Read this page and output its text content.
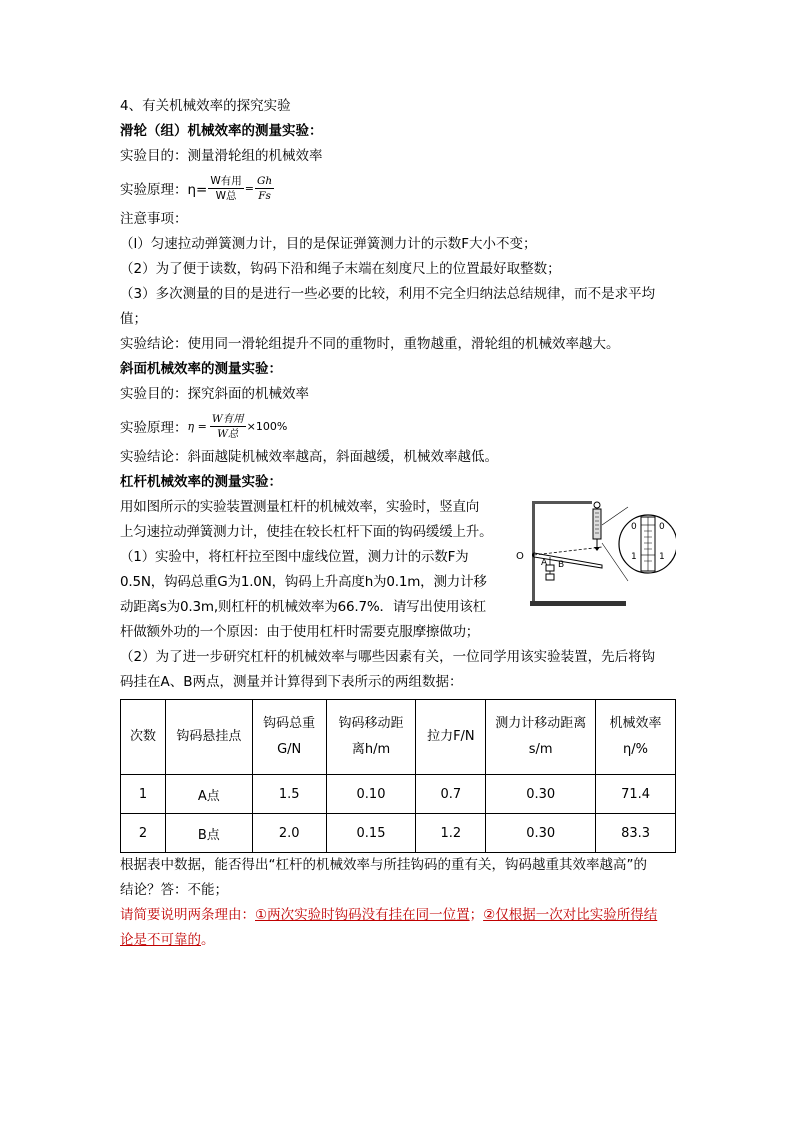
4、有关机械效率的探究实验
滑轮（组）机械效率的测量实验：
实验目的：测量滑轮组的机械效率
实验原理：$\eta= \frac{\text{W有用}}{\text{W总}} = \frac{Gh}{Fs}$
注意事项：
（l）匀速拉动弹簧测力计，目的是保证弹簧测力计的示数F大小不变；
（2）为了便于读数，钩码下沿和绳子末端在刻度尺上的位置最好取整数；
（3）多次测量的目的是进行一些必要的比较，利用不完全归纳法总结规律，而不是求平均
值；
实验结论：使用同一滑轮组提升不同的重物时，重物越重，滑轮组的机械效率越大。
斜面机械效率的测量实验：
实验目的：探究斜面的机械效率
实验原理： $\eta = \frac{\text{W有用}}{\text{W总}} \times 100\%$
实验结论：斜面越陡机械效率越高，斜面越缓，机械效率越低。
杠杆机械效率的测量实验：
用如图所示的实验装置测量杠杆的机械效率，实验时，竖直向
上匀速拉动弹簧测力计，使挂在较长杠杆下面的钩码缓缓上升。
（1）实验中，将杠杆拉至图中虚线位置，测力计的示数F为
0.5N，钩码总重G为1.0N，钩码上升高度h为0.1m，测力计移
动距离s为0.3m,则杠杆的机械效率为66.7%．请写出使用该杠
杆做额外功的一个原因：由于使用杠杆时需要克服摩擦做功；
O
A B
0
1
0
1
（2）为了进一步研究杠杆的机械效率与哪些因素有关，一位同学用该实验装置，先后将钩
码挂在A、B两点，测量并计算得到下表所示的两组数据：
次数	钩码悬挂点	钩码总重
G/N	钩码移动距
离h/m	拉力F/N	测力计移动距离
s/m	机械效率
η/%
1	A点	1.5	0.10	0.7	0.30	71.4
2	B点	2.0	0.15	1.2	0.30	83.3
根据表中数据，能否得出“杠杆的机械效率与所挂钩码的重有关，钩码越重其效率越高”的
结论？答：不能；
请简要说明两条理由：①两次实验时钩码没有挂在同一位置；②仅根据一次对比实验所得结
论是不可靠的。
